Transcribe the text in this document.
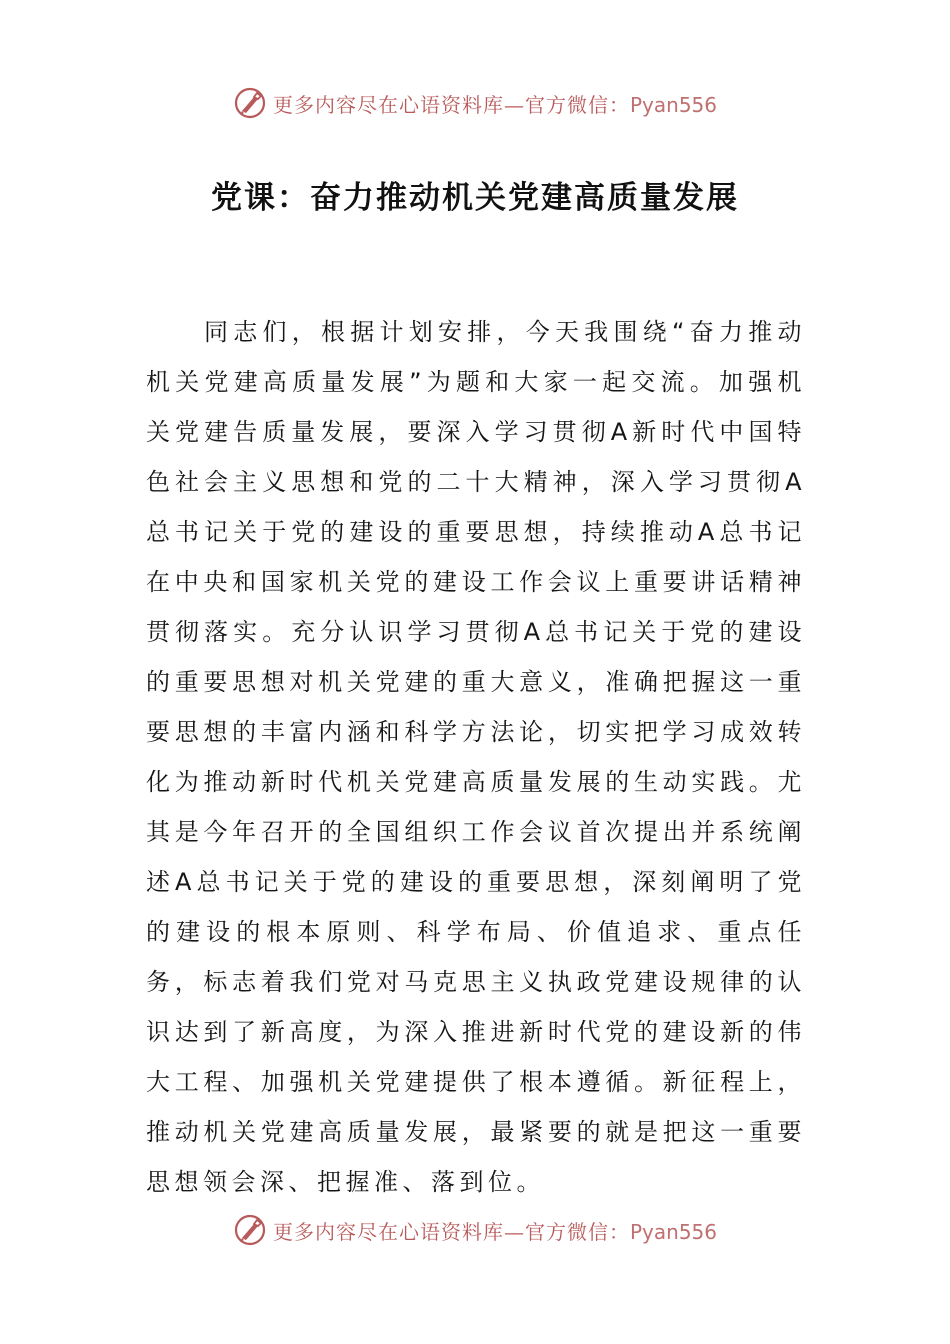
更多内容尽在心语资料库—官方微信：Pyan556
党课：奋力推动机关党建高质量发展

同志们，根据计划安排，今天我围绕“奋力推动机关党建高质量发展”为题和大家一起交流。加强机关党建告质量发展，要深入学习贯彻A新时代中国特色社会主义思想和党的二十大精神，深入学习贯彻A总书记关于党的建设的重要思想，持续推动A总书记在中央和国家机关党的建设工作会议上重要讲话精神贯彻落实。充分认识学习贯彻A总书记关于党的建设的重要思想对机关党建的重大意义，准确把握这一重要思想的丰富内涵和科学方法论，切实把学习成效转化为推动新时代机关党建高质量发展的生动实践。尤其是今年召开的全国组织工作会议首次提出并系统阐述A总书记关于党的建设的重要思想，深刻阐明了党的建设的根本原则、科学布局、价值追求、重点任务，标志着我们党对马克思主义执政党建设规律的认识达到了新高度，为深入推进新时代党的建设新的伟大工程、加强机关党建提供了根本遵循。新征程上，推动机关党建高质量发展，最紧要的就是把这一重要思想领会深、把握准、落到位。

更多内容尽在心语资料库—官方微信：Pyan556
